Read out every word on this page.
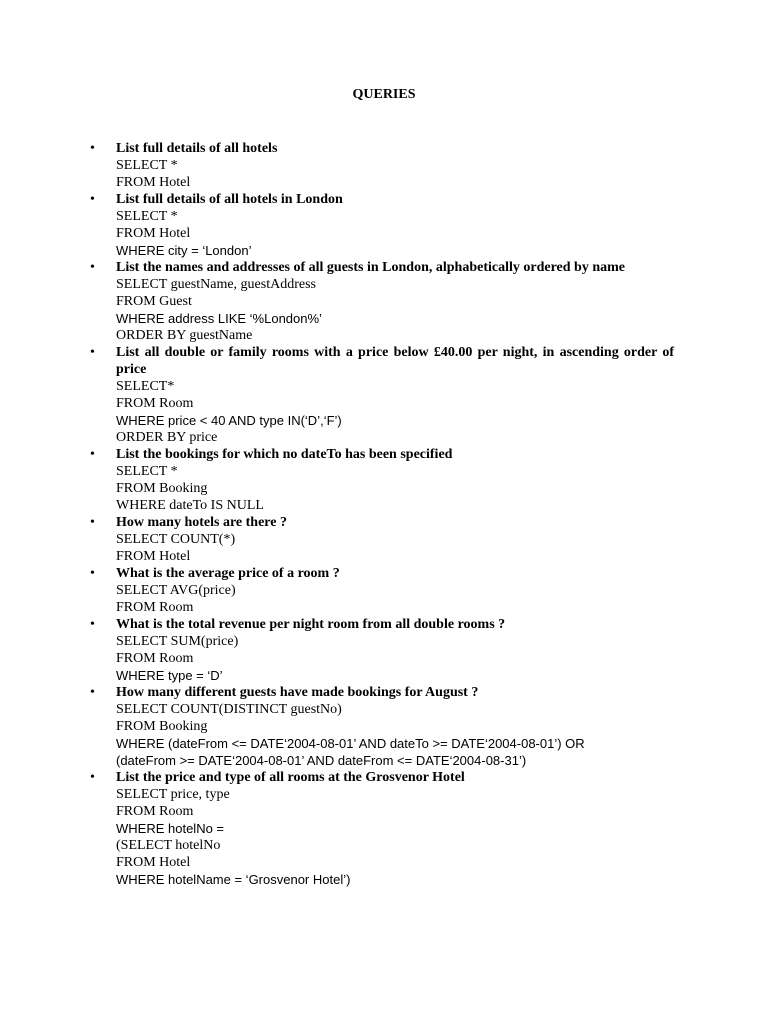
QUERIES
• List full details of all hotels
SELECT *
FROM Hotel
• List full details of all hotels in London
SELECT *
FROM Hotel
WHERE city = ‘London’
• List the names and addresses of all guests in London, alphabetically ordered by name
SELECT guestName, guestAddress
FROM Guest
WHERE address LIKE ‘%London%’
ORDER BY guestName
• List all double or family rooms with a price below £40.00 per night, in ascending order of price
SELECT*
FROM Room
WHERE price < 40 AND type IN(‘D’,‘F’)
ORDER BY price
• List the bookings for which no dateTo has been specified
SELECT *
FROM Booking
WHERE dateTo IS NULL
• How many hotels are there ?
SELECT COUNT(*)
FROM Hotel
• What is the average price of a room ?
SELECT AVG(price)
FROM Room
• What is the total revenue per night room from all double rooms ?
SELECT SUM(price)
FROM Room
WHERE type = ‘D’
• How many different guests have made bookings for August ?
SELECT COUNT(DISTINCT guestNo)
FROM Booking
WHERE (dateFrom <= DATE‘2004-08-01’ AND dateTo >= DATE‘2004-08-01’) OR
(dateFrom >= DATE‘2004-08-01’ AND dateFrom <= DATE‘2004-08-31’)
• List the price and type of all rooms at the Grosvenor Hotel
SELECT price, type
FROM Room
WHERE hotelNo =
(SELECT hotelNo
FROM Hotel
WHERE hotelName = ‘Grosvenor Hotel’)
